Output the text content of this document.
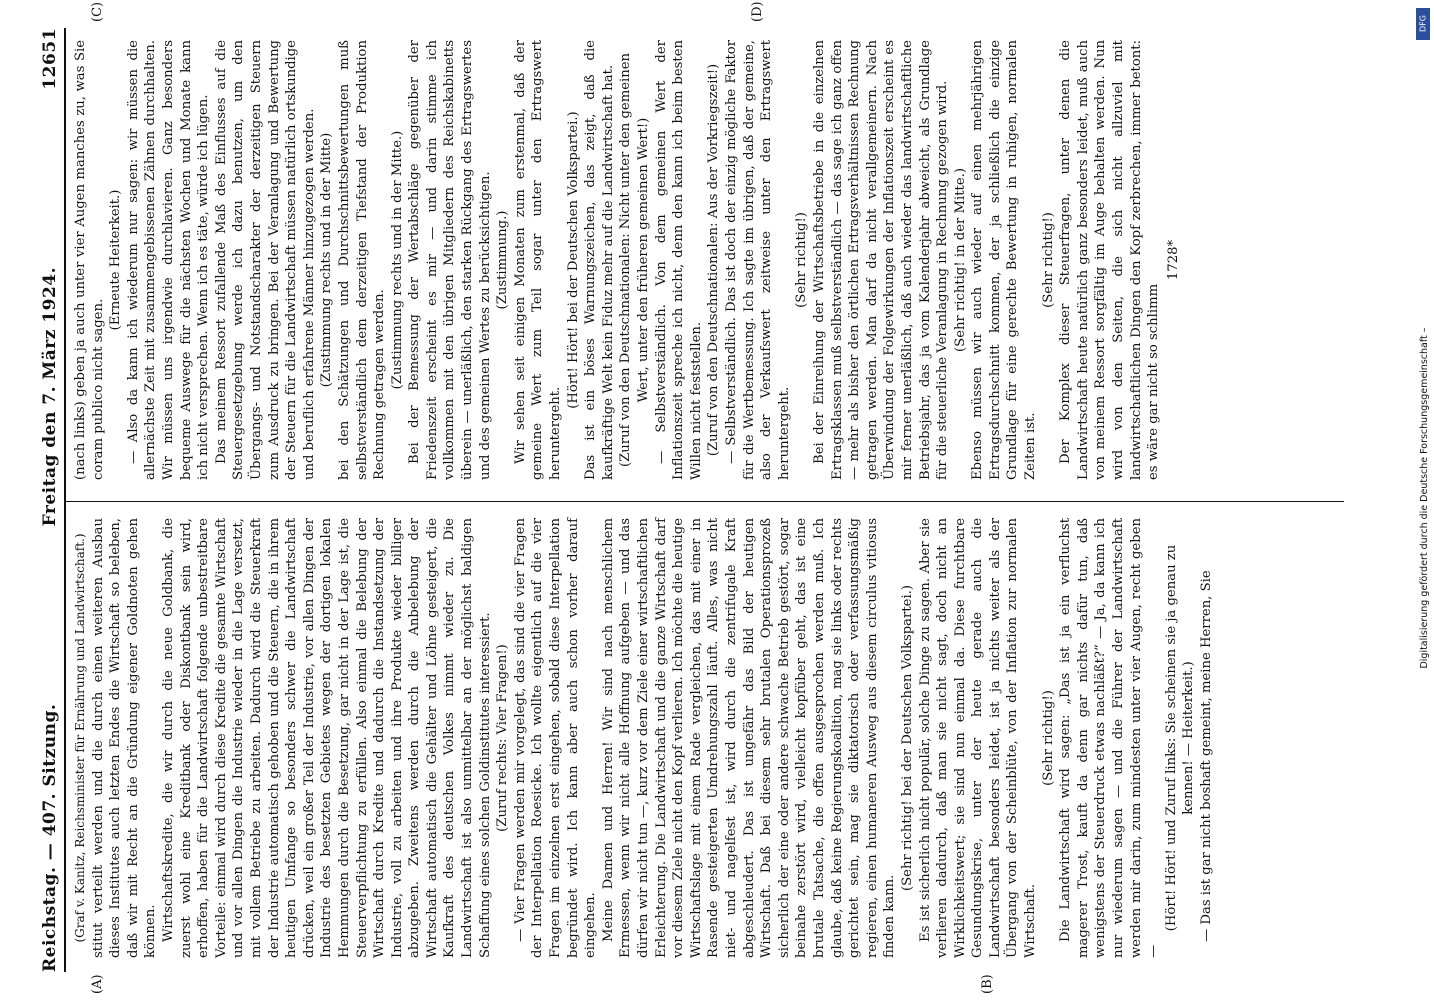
Reichstag. — 407. Sitzung.
Freitag den 7. März 1924.
12651
(A)	(B)
(C)	(D)

(Graf v. Kanitz, Reichsminister für Ernährung und Landwirtschaft.) stitut verteilt werden und die durch einen weiteren Ausbau dieses Institutes auch letzten Endes die Wirtschaft so beleben, daß wir mit Recht an die Gründung eigener Goldnoten gehen können. Wirtschaftskredite, die wir durch die neue Goldbank, die zuerst wohl eine Kreditbank oder Diskontbank sein wird, erhoffen, haben für die Landwirtschaft folgende unbestreitbare Vorteile: einmal wird durch diese Kredite die gesamte Wirtschaft und vor allen Dingen die Industrie wieder in die Lage versetzt, mit vollem Betriebe zu arbeiten. Dadurch wird die Steuerkraft der Industrie automatisch gehoben und die Steuern, die in ihrem heutigen Umfange so besonders schwer die Landwirtschaft drücken, weil ein großer Teil der Industrie, vor allen Dingen der Industrie des besetzten Gebietes wegen der dortigen lokalen Hemmungen durch die Besetzung, gar nicht in der Lage ist, die Steuerverpflichtung zu erfüllen. Also einmal die Belebung der Wirtschaft durch Kredite und dadurch die Instandsetzung der Industrie, voll zu arbeiten und ihre Produkte wieder billiger abzugeben. Zweitens werden durch die Anbelebung der Wirtschaft automatisch die Gehälter und Löhne gesteigert, die Kaufkraft des deutschen Volkes nimmt wieder zu. Die Landwirtschaft ist also unmittelbar an der möglichst baldigen Schaffung eines solchen Goldinstitutes interessiert. (Zuruf rechts: Vier Fragen!) — Vier Fragen werden mir vorgelegt, das sind die vier Fragen der Interpellation Roesicke. Ich wollte eigentlich auf die vier Fragen im einzelnen erst eingehen, sobald diese Interpellation begründet wird. Ich kann aber auch schon vorher darauf eingehen. Meine Damen und Herren! Wir sind nach menschlichem Ermessen, wenn wir nicht alle Hoffnung aufgeben — und das dürfen wir nicht tun —, kurz vor dem Ziele einer wirtschaftlichen Erleichterung. Die Landwirtschaft und die ganze Wirtschaft darf vor diesem Ziele nicht den Kopf verlieren. Ich möchte die heutige Wirtschaftslage mit einem Rade vergleichen, das mit einer in Rasende gesteigerten Umdrehungszahl läuft. Alles, was nicht niet- und nagelfest ist, wird durch die zentrifugale Kraft abgeschleudert. Das ist ungefähr das Bild der heutigen Wirtschaft. Daß bei diesem sehr brutalen Operationsprozeß sicherlich der eine oder andere schwache Betrieb gestört, sogar beinahe zerstört wird, vielleicht kopfüber geht, das ist eine brutale Tatsache, die offen ausgesprochen werden muß. Ich glaube, daß keine Regierungskoalition, mag sie links oder rechts gerichtet sein, mag sie diktatorisch oder verfassungsmäßig regieren, einen humaneren Ausweg aus diesem circulus vitiosus finden kann.

(Sehr richtig! bei der Deutschen Volkspartei.) Es ist sicherlich nicht populär, solche Dinge zu sagen. Aber sie verlieren dadurch, daß man sie nicht sagt, doch nicht an Wirklichkeitswert; sie sind nun einmal da. Diese furchtbare Gesundungskrise, unter der heute gerade auch die Landwirtschaft besonders leidet, ist ja nichts weiter als der Übergang von der Scheinblüte, von der Inflation zur normalen Wirtschaft.

(Sehr richtig!) Die Landwirtschaft wird sagen: „Das ist ja ein verfluchst magerer Trost, kauft da denn gar nichts dafür tun, daß wenigstens der Steuerdruck etwas nachläßt?“ — Ja, da kann ich nur wiederum sagen — und die Führer der Landwirtschaft werden mir darin, zum mindesten unter vier Augen, recht geben —

(Hört! Hört! und Zuruf links: Sie scheinen sie ja genau zu kennen! — Heiterkeit.) — Das ist gar nicht boshaft gemeint, meine Herren, Sie

(nach links) geben ja auch unter vier Augen manches zu, was Sie coram publico nicht sagen.

(Erneute Heiterkeit.) — Also da kann ich wiederum nur sagen: wir müssen die allernächste Zeit mit zusammengebissenen Zähnen durchhalten. Wir müssen uns irgendwie durchlavieren. Ganz besonders bequeme Auswege für die nächsten Wochen und Monate kann ich nicht versprechen. Wenn ich es täte, würde ich lügen. Das meinem Ressort zufallende Maß des Einflusses auf die Steuergesetzgebung werde ich dazu benutzen, um den Übergangs- und Notstandscharakter der derzeitigen Steuern zum Ausdruck zu bringen. Bei der Veranlagung und Bewertung der Steuern für die Landwirtschaft müssen natürlich ortskundige und beruflich erfahrene Männer hinzugezogen werden. (Zustimmung rechts und in der Mitte) bei den Schätzungen und Durchschnittsbewertungen muß selbstverständlich dem derzeitigen Tiefstand der Produktion Rechnung getragen werden. (Zustimmung rechts und in der Mitte.) Bei der Bemessung der Wertabschläge gegenüber der Friedenszeit erscheint es mir — und darin stimme ich vollkommen mit den übrigen Mitgliedern des Reichskabinetts überein — unerläßlich, den starken Rückgang des Ertragswertes und des gemeinen Wertes zu berücksichtigen. (Zustimmung.) Wir sehen seit einigen Monaten zum erstenmal, daß der gemeine Wert zum Teil sogar unter den Ertragswert heruntergeht.

(Hört! Hört! bei der Deutschen Volkspartei.) Das ist ein böses Warnungszeichen, das zeigt, daß die kaufkräftige Welt kein Fiduz mehr auf die Landwirtschaft hat. (Zuruf von den Deutschnationalen: Nicht unter den gemeinen Wert, unter den früheren gemeinen Wert!) — Selbstverständlich. Von dem gemeinen Wert der Inflationszeit spreche ich nicht, denn den kann ich beim besten Willen nicht feststellen. (Zuruf von den Deutschnationalen: Aus der Vorkriegszeit!) — Selbstverständlich. Das ist doch der einzig mögliche Faktor für die Wertbemessung. Ich sagte im übrigen, daß der gemeine, also der Verkaufswert zeitweise unter den Ertragswert heruntergeht.

(Sehr richtig!) Bei der Einreihung der Wirtschaftsbetriebe in die einzelnen Ertragsklassen muß selbstverständlich — das sage ich ganz offen — mehr als bisher den örtlichen Ertragsverhältnissen Rechnung getragen werden. Man darf da nicht verallgemeinern. Nach Überwindung der Folgewirkungen der Inflationszeit erscheint es mir ferner unerläßlich, daß auch wieder das landwirtschaftliche Betriebsjahr, das ja vom Kalenderjahr abweicht, als Grundlage für die steuerliche Veranlagung in Rechnung gezogen wird. (Sehr richtig! in der Mitte.) Ebenso müssen wir auch wieder auf einen mehrjährigen Ertragsdurchschnitt kommen, der ja schließlich die einzige Grundlage für eine gerechte Bewertung in ruhigen, normalen Zeiten ist.

(Sehr richtig!) Der Komplex dieser Steuerfragen, unter denen die Landwirtschaft heute natürlich ganz besonders leidet, muß auch von meinem Ressort sorgfältig im Auge behalten werden. Nun wird von den Seiten, die sich nicht allzuviel mit landwirtschaftlichen Dingen den Kopf zerbrechen, immer betont: es wäre gar nicht so schlimm

1728*

DFG
Digitalisierung gefördert durch die Deutsche Forschungsgemeinschaft –
